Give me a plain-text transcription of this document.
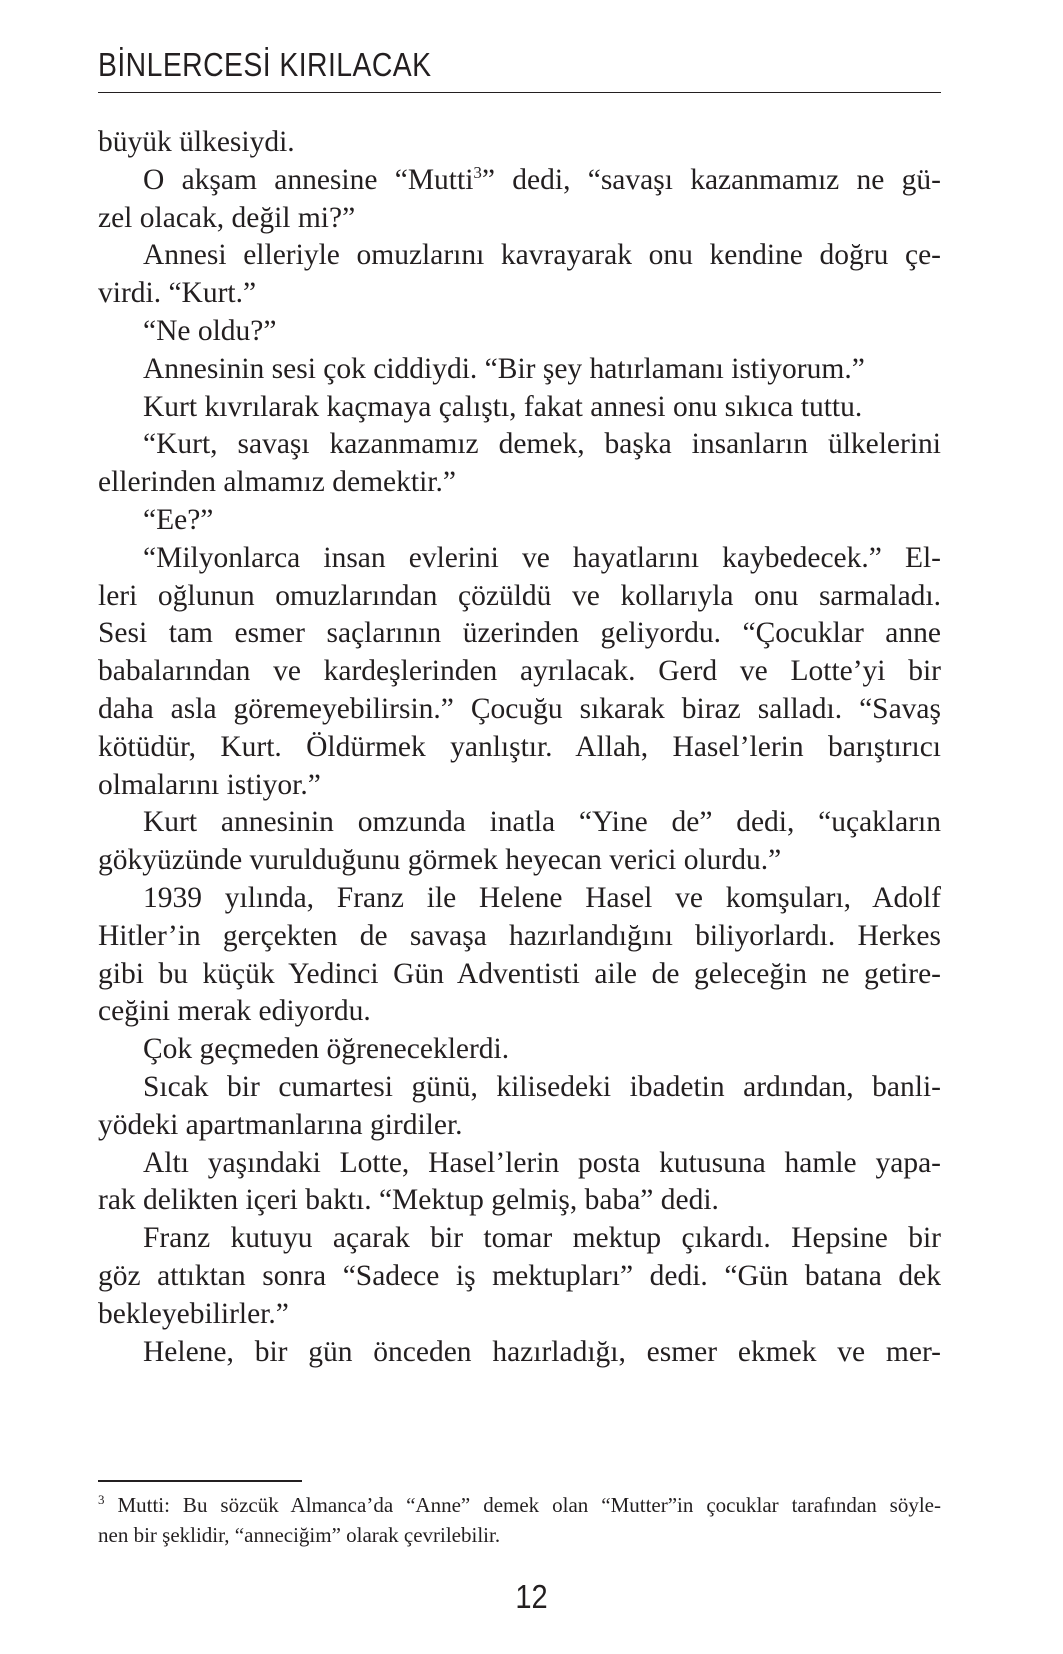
BİNLERCESİ KIRILACAK
büyük ülkesiydi.
O akşam annesine “Mutti$^3$” dedi, “savaşı kazanmamız ne gü-
zel olacak, değil mi?”
Annesi elleriyle omuzlarını kavrayarak onu kendine doğru çe-
virdi. “Kurt.”
“Ne oldu?”
Annesinin sesi çok ciddiydi. “Bir şey hatırlamanı istiyorum.”
Kurt kıvrılarak kaçmaya çalıştı, fakat annesi onu sıkıca tuttu.
“Kurt, savaşı kazanmamız demek, başka insanların ülkelerini
ellerinden almamız demektir.”
“Ee?”
“Milyonlarca insan evlerini ve hayatlarını kaybedecek.” El-
leri oğlunun omuzlarından çözüldü ve kollarıyla onu sarmaladı.
Sesi tam esmer saçlarının üzerinden geliyordu. “Çocuklar anne
babalarından ve kardeşlerinden ayrılacak. Gerd ve Lotte’yi bir
daha asla göremeyebilirsin.” Çocuğu sıkarak biraz salladı. “Savaş
kötüdür, Kurt. Öldürmek yanlıştır. Allah, Hasel’lerin barıştırıcı
olmalarını istiyor.”
Kurt annesinin omzunda inatla “Yine de” dedi, “uçakların
gökyüzünde vurulduğunu görmek heyecan verici olurdu.”
1939 yılında, Franz ile Helene Hasel ve komşuları, Adolf
Hitler’in gerçekten de savaşa hazırlandığını biliyorlardı. Herkes
gibi bu küçük Yedinci Gün Adventisti aile de geleceğin ne getire-
ceğini merak ediyordu.
Çok geçmeden öğreneceklerdi.
Sıcak bir cumartesi günü, kilisedeki ibadetin ardından, banli-
yödeki apartmanlarına girdiler.
Altı yaşındaki Lotte, Hasel’lerin posta kutusuna hamle yapa-
rak delikten içeri baktı. “Mektup gelmiş, baba” dedi.
Franz kutuyu açarak bir tomar mektup çıkardı. Hepsine bir
göz attıktan sonra “Sadece iş mektupları” dedi. “Gün batana dek
bekleyebilirler.”
Helene, bir gün önceden hazırladığı, esmer ekmek ve mer-
$^3$ Mutti: Bu sözcük Almanca’da “Anne” demek olan “Mutter”in çocuklar tarafından söyle-
nen bir şeklidir, “anneciğim” olarak çevrilebilir.
12
